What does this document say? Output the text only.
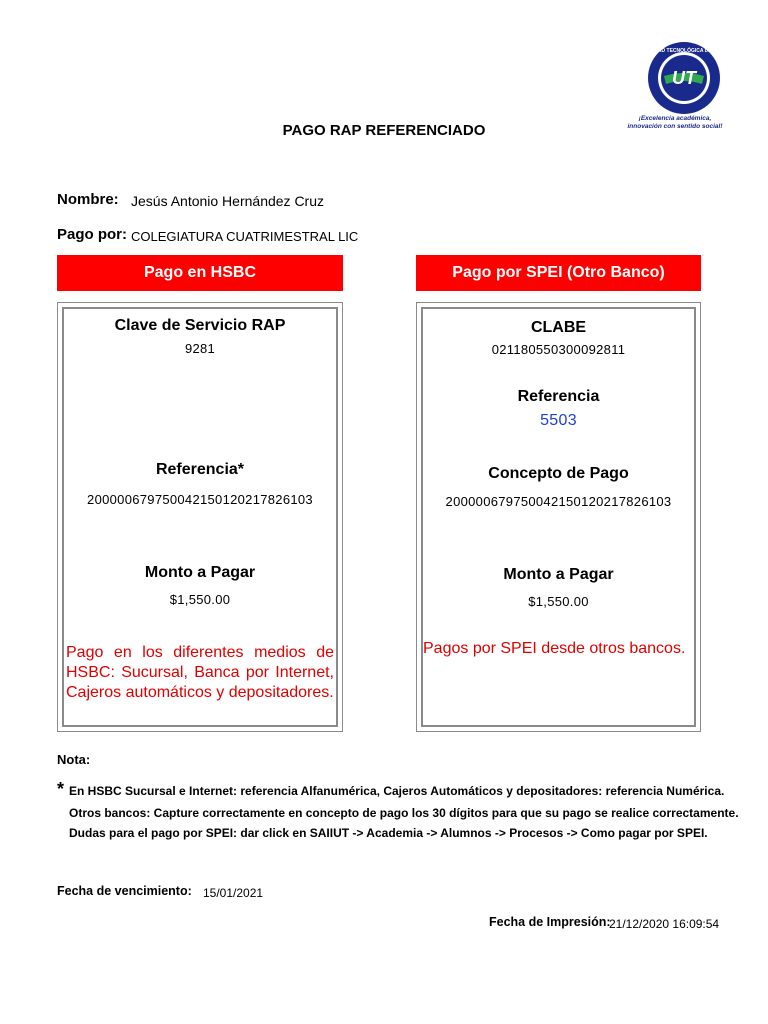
UT
UNIVERSIDAD TECNOLÓGICA DE TABASCO
¡Excelencia académica,
innovación con sentido social!
PAGO RAP REFERENCIADO
Nombre: Jesús Antonio Hernández Cruz
Pago por: COLEGIATURA CUATRIMESTRAL LIC
Pago en HSBC
Clave de Servicio RAP
9281
Referencia*
200000679750042150120217826103
Monto a Pagar
$1,550.00
Pago en los diferentes medios de HSBC: Sucursal, Banca por Internet, Cajeros automáticos y depositadores.
Pago por SPEI (Otro Banco)
CLABE
021180550300092811
Referencia
5503
Concepto de Pago
200000679750042150120217826103
Monto a Pagar
$1,550.00
Pagos por SPEI desde otros bancos.
Nota:
* En HSBC Sucursal e Internet: referencia Alfanumérica, Cajeros Automáticos y depositadores: referencia Numérica.
Otros bancos: Capture correctamente en concepto de pago los 30 dígitos para que su pago se realice correctamente.
Dudas para el pago por SPEI: dar click en SAIIUT -> Academia -> Alumnos -> Procesos -> Como pagar por SPEI.
Fecha de vencimiento: 15/01/2021
Fecha de Impresión:
21/12/2020 16:09:54
